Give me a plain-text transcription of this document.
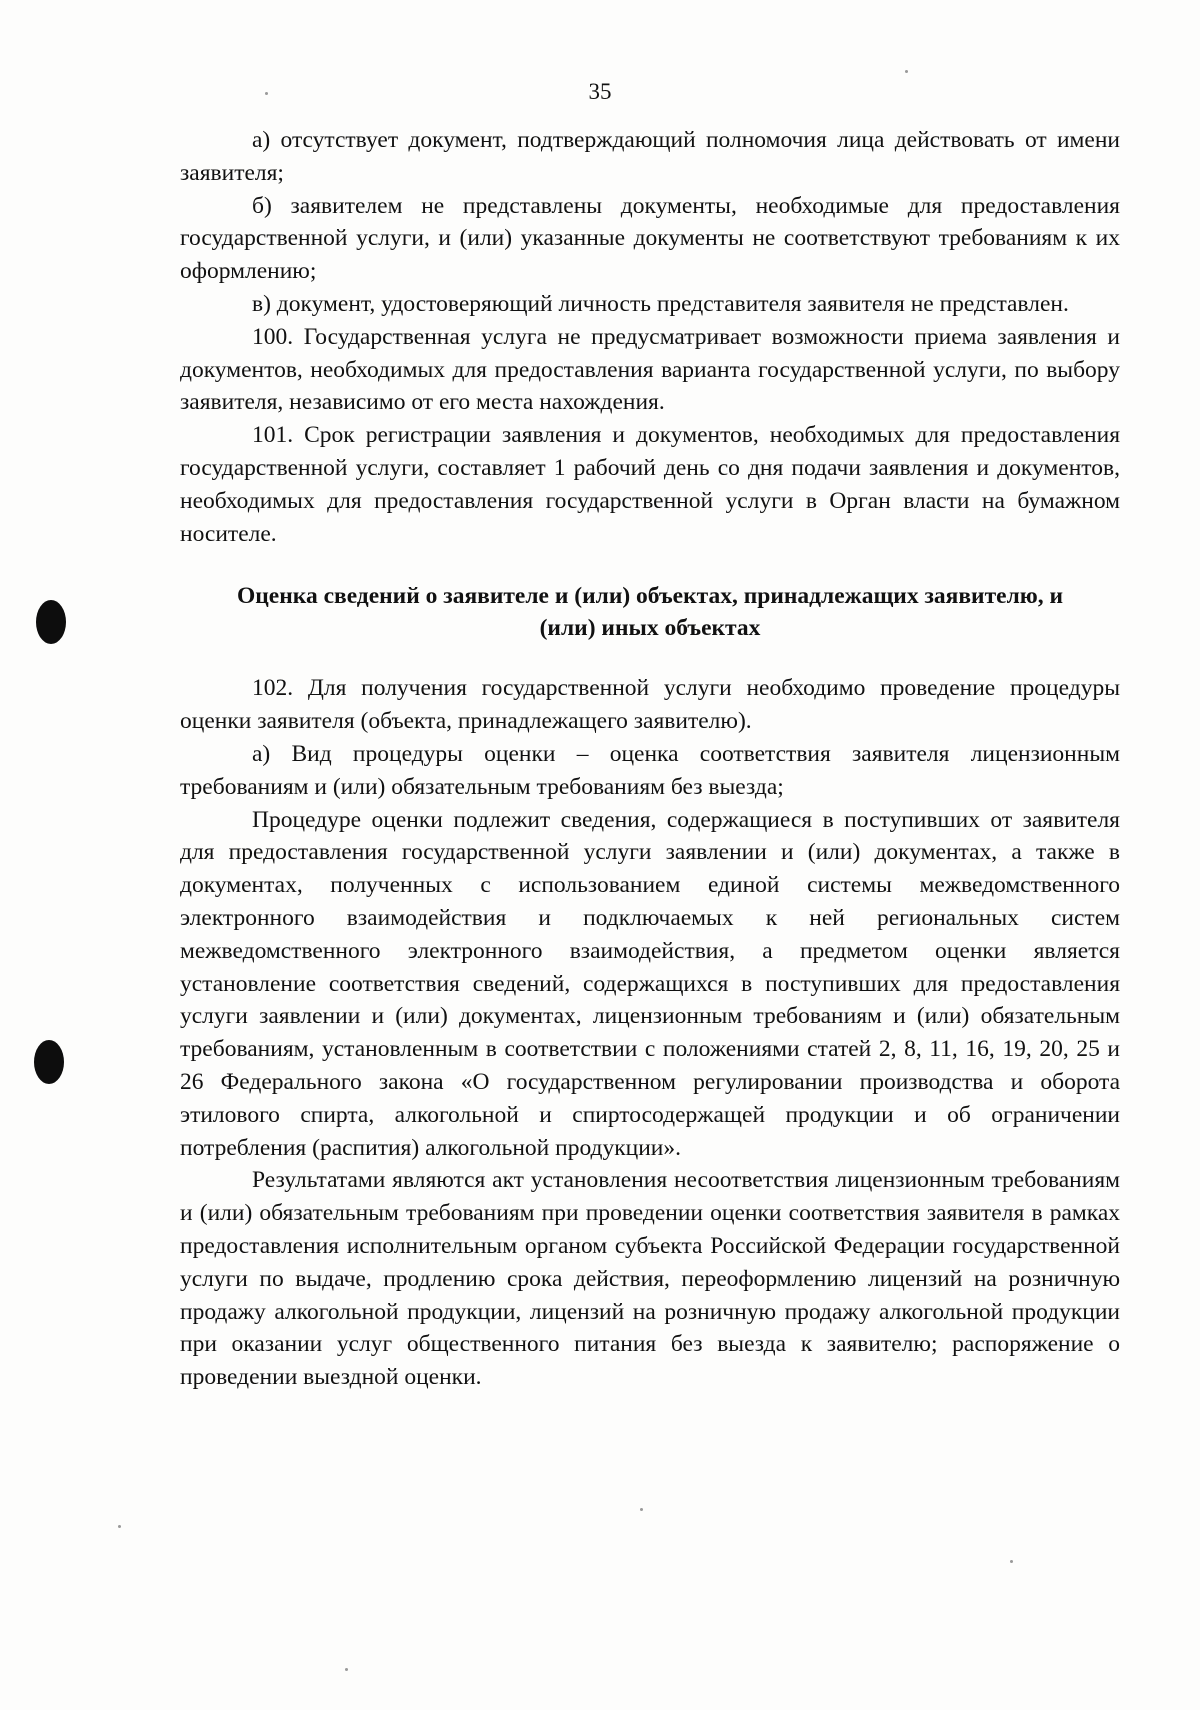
35

а) отсутствует документ, подтверждающий полномочия лица действовать от имени заявителя;

б) заявителем не представлены документы, необходимые для предоставления государственной услуги, и (или) указанные документы не соответствуют требованиям к их оформлению;

в) документ, удостоверяющий личность представителя заявителя не представлен.

100. Государственная услуга не предусматривает возможности приема заявления и документов, необходимых для предоставления варианта государственной услуги, по выбору заявителя, независимо от его места нахождения.

101. Срок регистрации заявления и документов, необходимых для предоставления государственной услуги, составляет 1 рабочий день со дня подачи заявления и документов, необходимых для предоставления государственной услуги в Орган власти на бумажном носителе.

Оценка сведений о заявителе и (или) объектах, принадлежащих заявителю, и (или) иных объектах

102. Для получения государственной услуги необходимо проведение процедуры оценки заявителя (объекта, принадлежащего заявителю).

а) Вид процедуры оценки – оценка соответствия заявителя лицензионным требованиям и (или) обязательным требованиям без выезда;

Процедуре оценки подлежит сведения, содержащиеся в поступивших от заявителя для предоставления государственной услуги заявлении и (или) документах, а также в документах, полученных с использованием единой системы межведомственного электронного взаимодействия и подключаемых к ней региональных систем межведомственного электронного взаимодействия, а предметом оценки является установление соответствия сведений, содержащихся в поступивших для предоставления услуги заявлении и (или) документах, лицензионным требованиям и (или) обязательным требованиям, установленным в соответствии с положениями статей 2, 8, 11, 16, 19, 20, 25 и 26 Федерального закона «О государственном регулировании производства и оборота этилового спирта, алкогольной и спиртосодержащей продукции и об ограничении потребления (распития) алкогольной продукции».

Результатами являются акт установления несоответствия лицензионным требованиям и (или) обязательным требованиям при проведении оценки соответствия заявителя в рамках предоставления исполнительным органом субъекта Российской Федерации государственной услуги по выдаче, продлению срока действия, переоформлению лицензий на розничную продажу алкогольной продукции, лицензий на розничную продажу алкогольной продукции при оказании услуг общественного питания без выезда к заявителю; распоряжение о проведении выездной оценки.
